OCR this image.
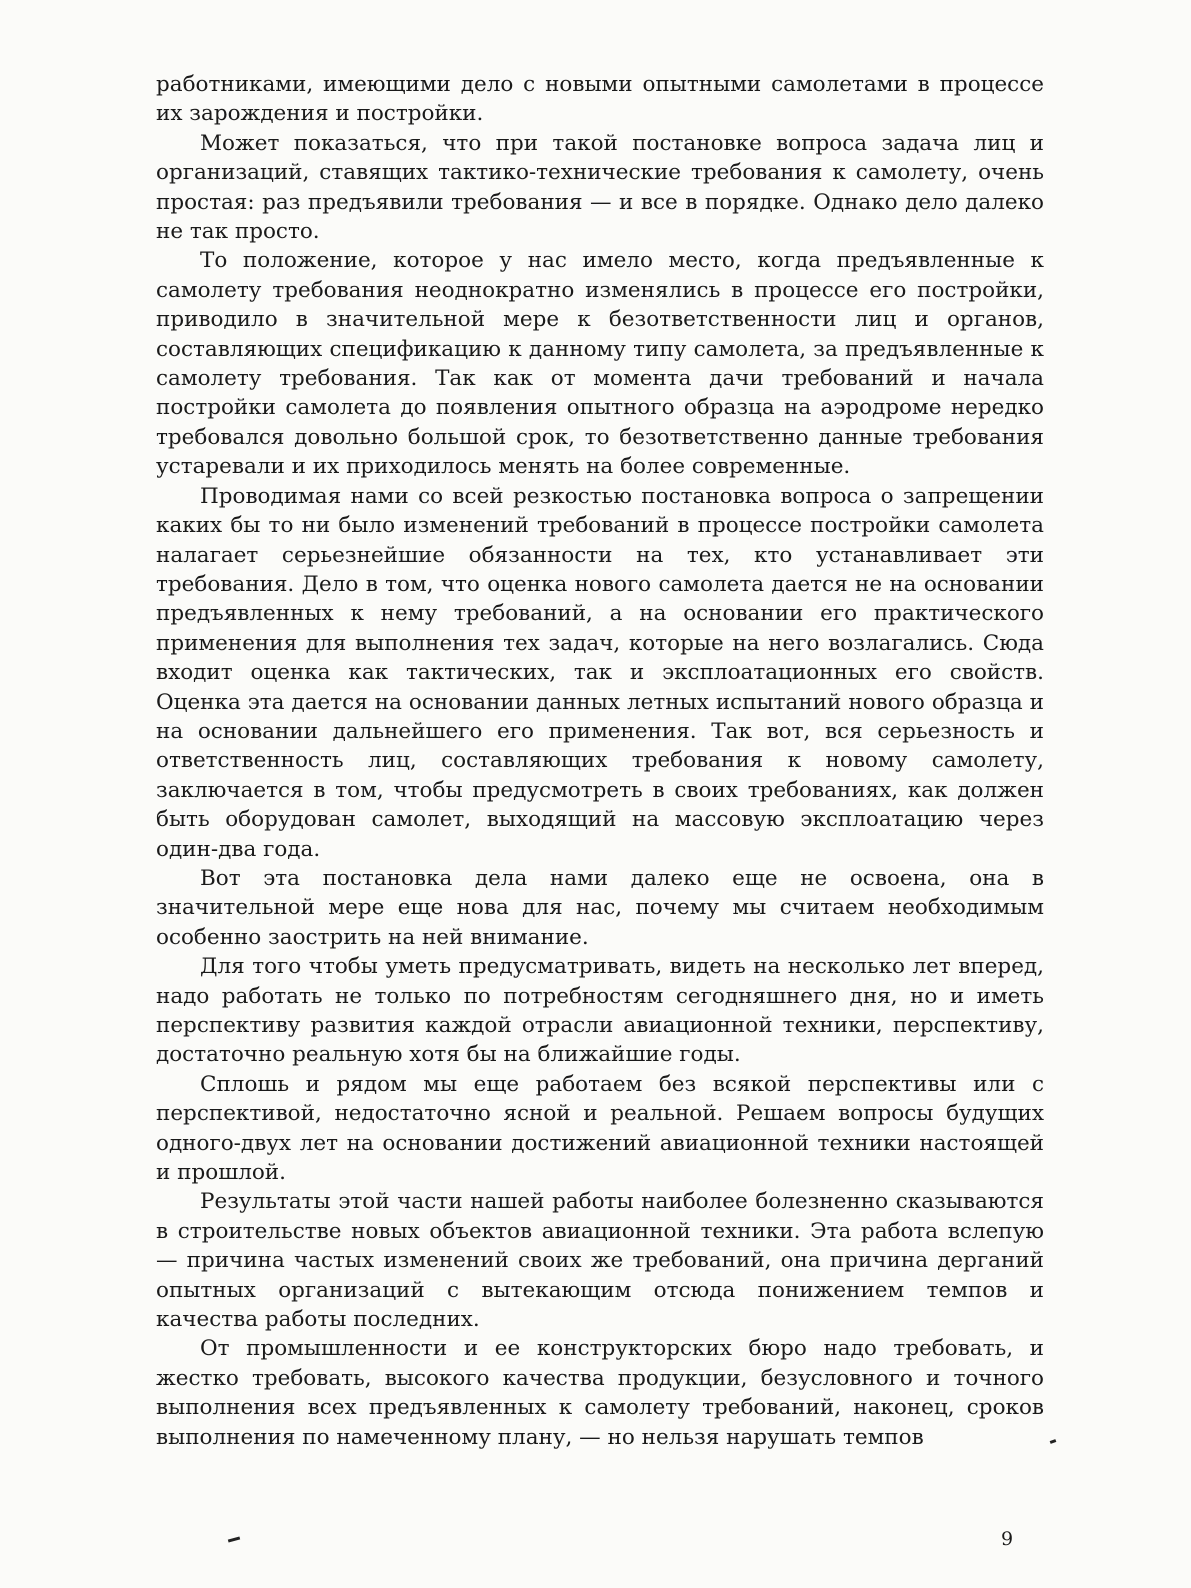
работниками, имеющими дело с новыми опытными самолетами в процессе их зарождения и постройки.

Может показаться, что при такой постановке вопроса задача лиц и организаций, ставящих тактико-технические требования к самолету, очень простая: раз предъявили требования — и все в порядке. Однако дело далеко не так просто.

То положение, которое у нас имело место, когда предъявленные к самолету требования неоднократно изменялись в процессе его постройки, приводило в значительной мере к безответственности лиц и органов, составляющих спецификацию к данному типу самолета, за предъявленные к самолету требования. Так как от момента дачи требований и начала постройки самолета до появления опытного образца на аэродроме нередко требовался довольно большой срок, то безответственно данные требования устаревали и их приходилось менять на более современные.

Проводимая нами со всей резкостью постановка вопроса о запрещении каких бы то ни было изменений требований в процессе постройки самолета налагает серьезнейшие обязанности на тех, кто устанавливает эти требования. Дело в том, что оценка нового самолета дается не на основании предъявленных к нему требований, а на основании его практического применения для выполнения тех задач, которые на него возлагались. Сюда входит оценка как тактических, так и эксплоатационных его свойств. Оценка эта дается на основании данных летных испытаний нового образца и на основании дальнейшего его применения. Так вот, вся серьезность и ответственность лиц, составляющих требования к новому самолету, заключается в том, чтобы предусмотреть в своих требованиях, как должен быть оборудован самолет, выходящий на массовую эксплоатацию через один-два года.

Вот эта постановка дела нами далеко еще не освоена, она в значительной мере еще нова для нас, почему мы считаем необходимым особенно заострить на ней внимание.

Для того чтобы уметь предусматривать, видеть на несколько лет вперед, надо работать не только по потребностям сегодняшнего дня, но и иметь перспективу развития каждой отрасли авиационной техники, перспективу, достаточно реальную хотя бы на ближайшие годы.

Сплошь и рядом мы еще работаем без всякой перспективы или с перспективой, недостаточно ясной и реальной. Решаем вопросы будущих одного-двух лет на основании достижений авиационной техники настоящей и прошлой.

Результаты этой части нашей работы наиболее болезненно сказываются в строительстве новых объектов авиационной техники. Эта работа вслепую — причина частых изменений своих же требований, она причина дерганий опытных организаций с вытекающим отсюда понижением темпов и качества работы последних.

От промышленности и ее конструкторских бюро надо требовать, и жестко требовать, высокого качества продукции, безусловного и точного выполнения всех предъявленных к самолету требований, наконец, сроков выполнения по намеченному плану, — но нельзя нарушать темпов

9
